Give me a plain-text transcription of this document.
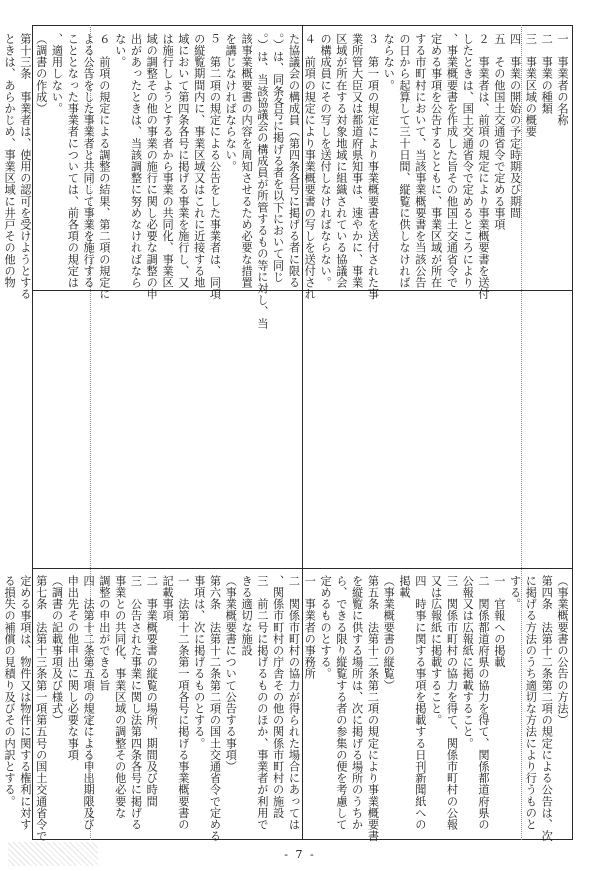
一　事業者の名称
二　事業の種類
三　事業区域の概要
四　事業の開始の予定時期及び期間
五　その他国土交通省令で定める事項
２　事業者は、前項の規定により事業概要書を送付
したときは、国土交通省令で定めるところにより
、事業概要書を作成した旨その他国土交通省令で
定める事項を公告するとともに、事業区域が所在
する市町村において、当該事業概要書を当該公告
の日から起算して三十日間、縦覧に供しなければ
ならない。
３　第一項の規定により事業概要書を送付された事
業所管大臣又は都道府県知事は、速やかに、事業
区域が所在する対象地域に組織されている協議会
の構成員にその写しを送付しなければならない。
４　前項の規定により事業概要書の写しを送付され
た協議会の構成員（第四条各号に掲げる者に限る
。）は、同条各号に掲げる者を以下において同じ
。）は、当該協議会の構成員が所管するもの等に対し、当
該事業概要書の内容を周知させるため必要な措置
を講じなければならない。
５　第二項の規定による公告をした事業者は、同項
の縦覧期間内に、事業区域又はこれに近接する地
域において第四条各号に掲げる事業を施行し、又
は施行しようとする者から事業の共同化、事業区
域の調整その他の事業の施行に関し必要な調整の申
出があったときは、当該調整に努めなければなら
ない。
６　前項の規定による調整の結果、第二項の規定に
よる公告をした事業者と共同して事業を施行する
こととなった事業者については、前各項の規定は
、適用しない。
（調書の作成）
第十三条　事業者は、使用の認可を受けようとする
ときは、あらかじめ、事業区域に井戸その他の物

（事業概要書の公告の方法）
第四条　法第十二条第二項の規定による公告は、次
に掲げる方法のうち適切な方法により行うものと
する。
一　官報への掲載
二　関係都道府県の協力を得て、関係都道府県の
公報又は広報紙に掲載すること。
三　関係市町村の協力を得て、関係市町村の公報
又は広報紙に掲載すること。
四　時事に関する事項を掲載する日刊新聞紙への
掲載
（事業概要書の縦覧）
第五条　法第十二条第二項の規定により事業概要書
を縦覧に供する場所は、次に掲げる場所のうちか
ら、できる限り縦覧する者の参集の便を考慮して
定めるものとする。
一　事業者の事務所
二　関係市町村の協力が得られた場合にあっては
、関係市町村の庁舎その他の関係市町村の施設
三　前二号に掲げるもののほか、事業者が利用で
きる適切な施設
（事業概要書について公告する事項）
第六条　法第十二条第二項の国土交通省令で定める
事項は、次に掲げるものとする。
一　法第十二条第一項各号に掲げる事業概要書の
記載事項
二　事業概要書の縦覧の場所、期間及び時間
三　公告された事業に関し法第四条各号に掲げる
事業との共同化、事業区域の調整その他必要な
調整の申出ができる旨
四　法第十二条第五項の規定による申出期限及び
申出先その他申出に関し必要な事項
（調書の記載事項及び様式）
第七条　法第十三条第一項第五号の国土交通省令で
定める事項は、物件又は物件に関する権利に対す
る損失の補償の見積り及びその内訳とする。
- 7 -
